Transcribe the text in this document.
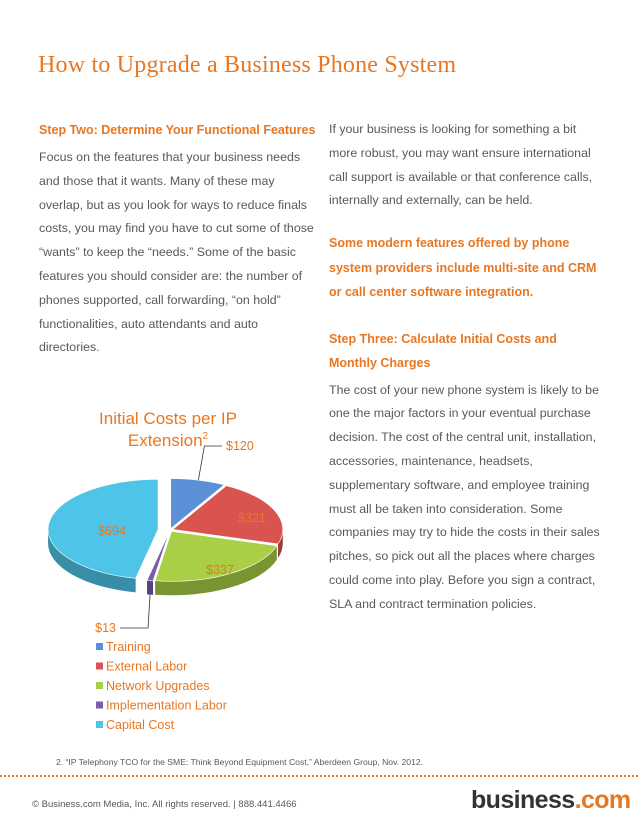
How to Upgrade a Business Phone System

Step Two: Determine Your Functional Features

Focus on the features that your business needs and those that it wants. Many of these may overlap, but as you look for ways to reduce finals costs, you may find you have to cut some of those “wants” to keep the “needs.” Some of the basic features you should consider are: the number of phones supported, call forwarding, “on hold” functionalities, auto attendants and auto directories.

If your business is looking for something a bit more robust, you may want ensure international call support is available or that conference calls, internally and externally, can be held.

Some modern features offered by phone system providers include multi-site and CRM or call center software integration.

Step Three: Calculate Initial Costs and Monthly Charges

The cost of your new phone system is likely to be one the major factors in your eventual purchase decision. The cost of the central unit, installation, accessories, maintenance, headsets, supplementary software, and employee training must all be taken into consideration. Some companies may try to hide the costs in their sales pitches, so pick out all the places where charges could come into play. Before you sign a contract, SLA and contract termination policies.

Initial Costs per IP
Extension$^2$
$120
$321
$337
$13
$694
Training
External Labor
Network Upgrades
Implementation Labor
Capital Cost

2. “IP Telephony TCO for the SME: Think Beyond Equipment Cost,” Aberdeen Group, Nov. 2012.

© Business.com Media, Inc. All rights reserved. | 888.441.4466	business.com
